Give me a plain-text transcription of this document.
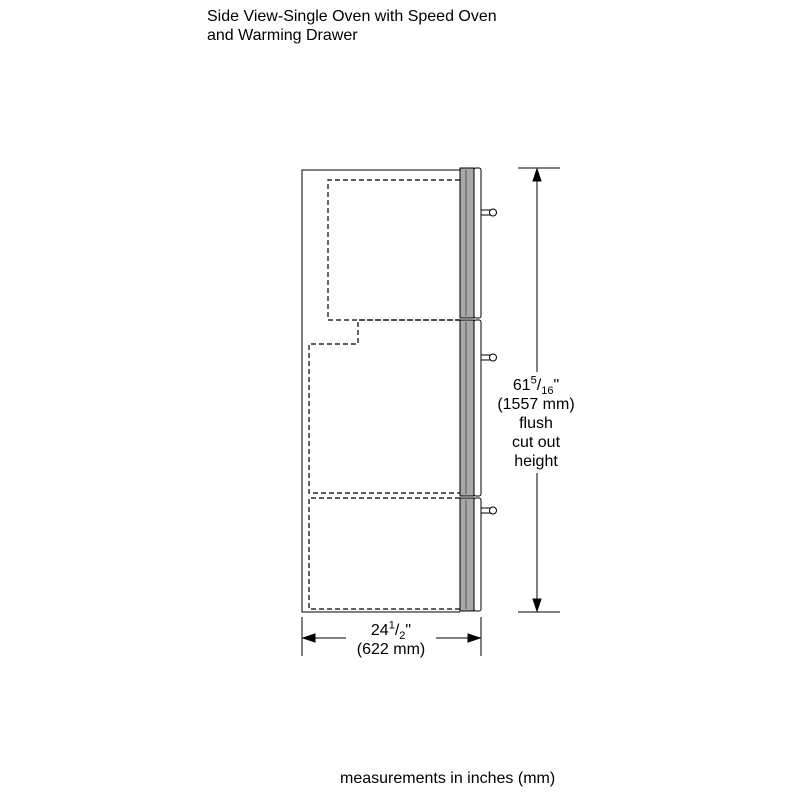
Side View-Single Oven with Speed Oven
and Warming Drawer
$61^5/_{16}$"
(1557 mm)
flush
cut out
height
$24^1/_2$"
(622 mm)
measurements in inches (mm)
